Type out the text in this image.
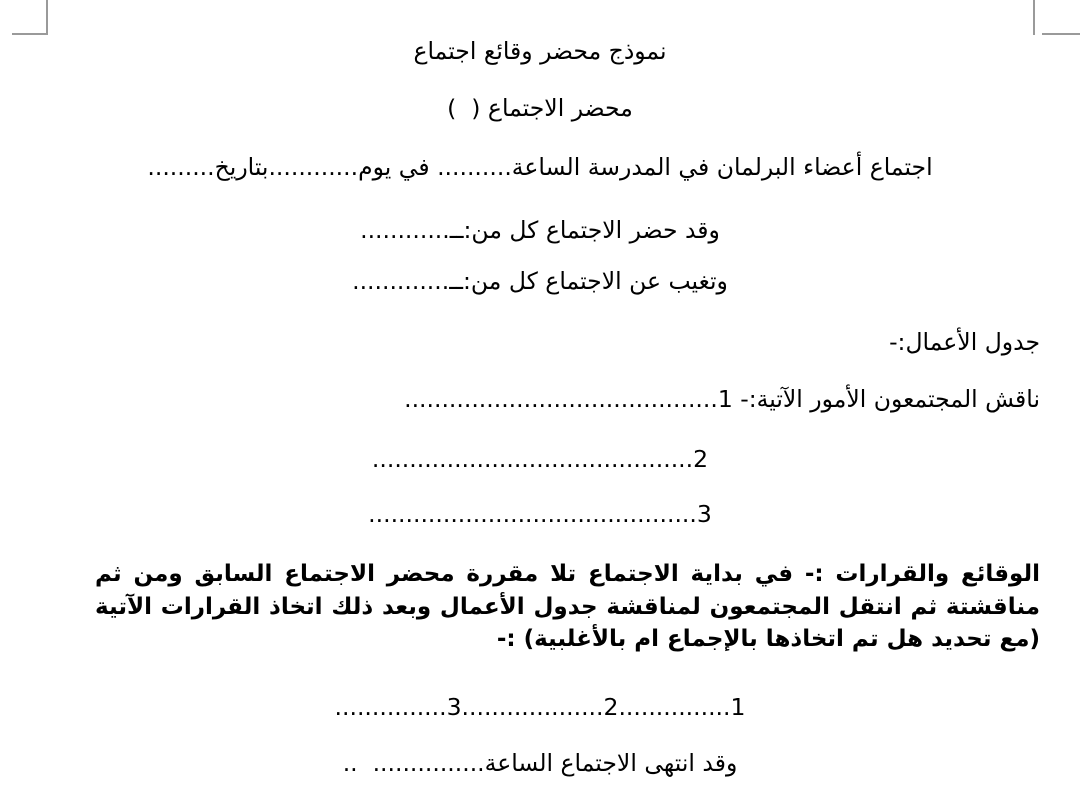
نموذج محضر وقائع اجتماع
محضر الاجتماع (  )
اجتماع أعضاء البرلمان في المدرسة الساعة.......... في يوم............بتاريخ.........
وقد حضر الاجتماع كل من:ــ............
وتغيب عن الاجتماع كل من:ــ.............
جدول الأعمال:-
ناقش المجتمعون الأمور الآتية:- 1..........................................
2...........................................
3............................................
الوقائع والقرارات :- في بداية الاجتماع تلا مقررة محضر الاجتماع السابق ومن ثم مناقشتة ثم انتقل المجتمعون لمناقشة جدول الأعمال وبعد ذلك اتخاذ القرارات الآتية (مع تحديد هل تم اتخاذها بالإجماع ام بالأغلبية) :-
1...............2...................3...............
وقد انتهى الاجتماع الساعة...............  ..
